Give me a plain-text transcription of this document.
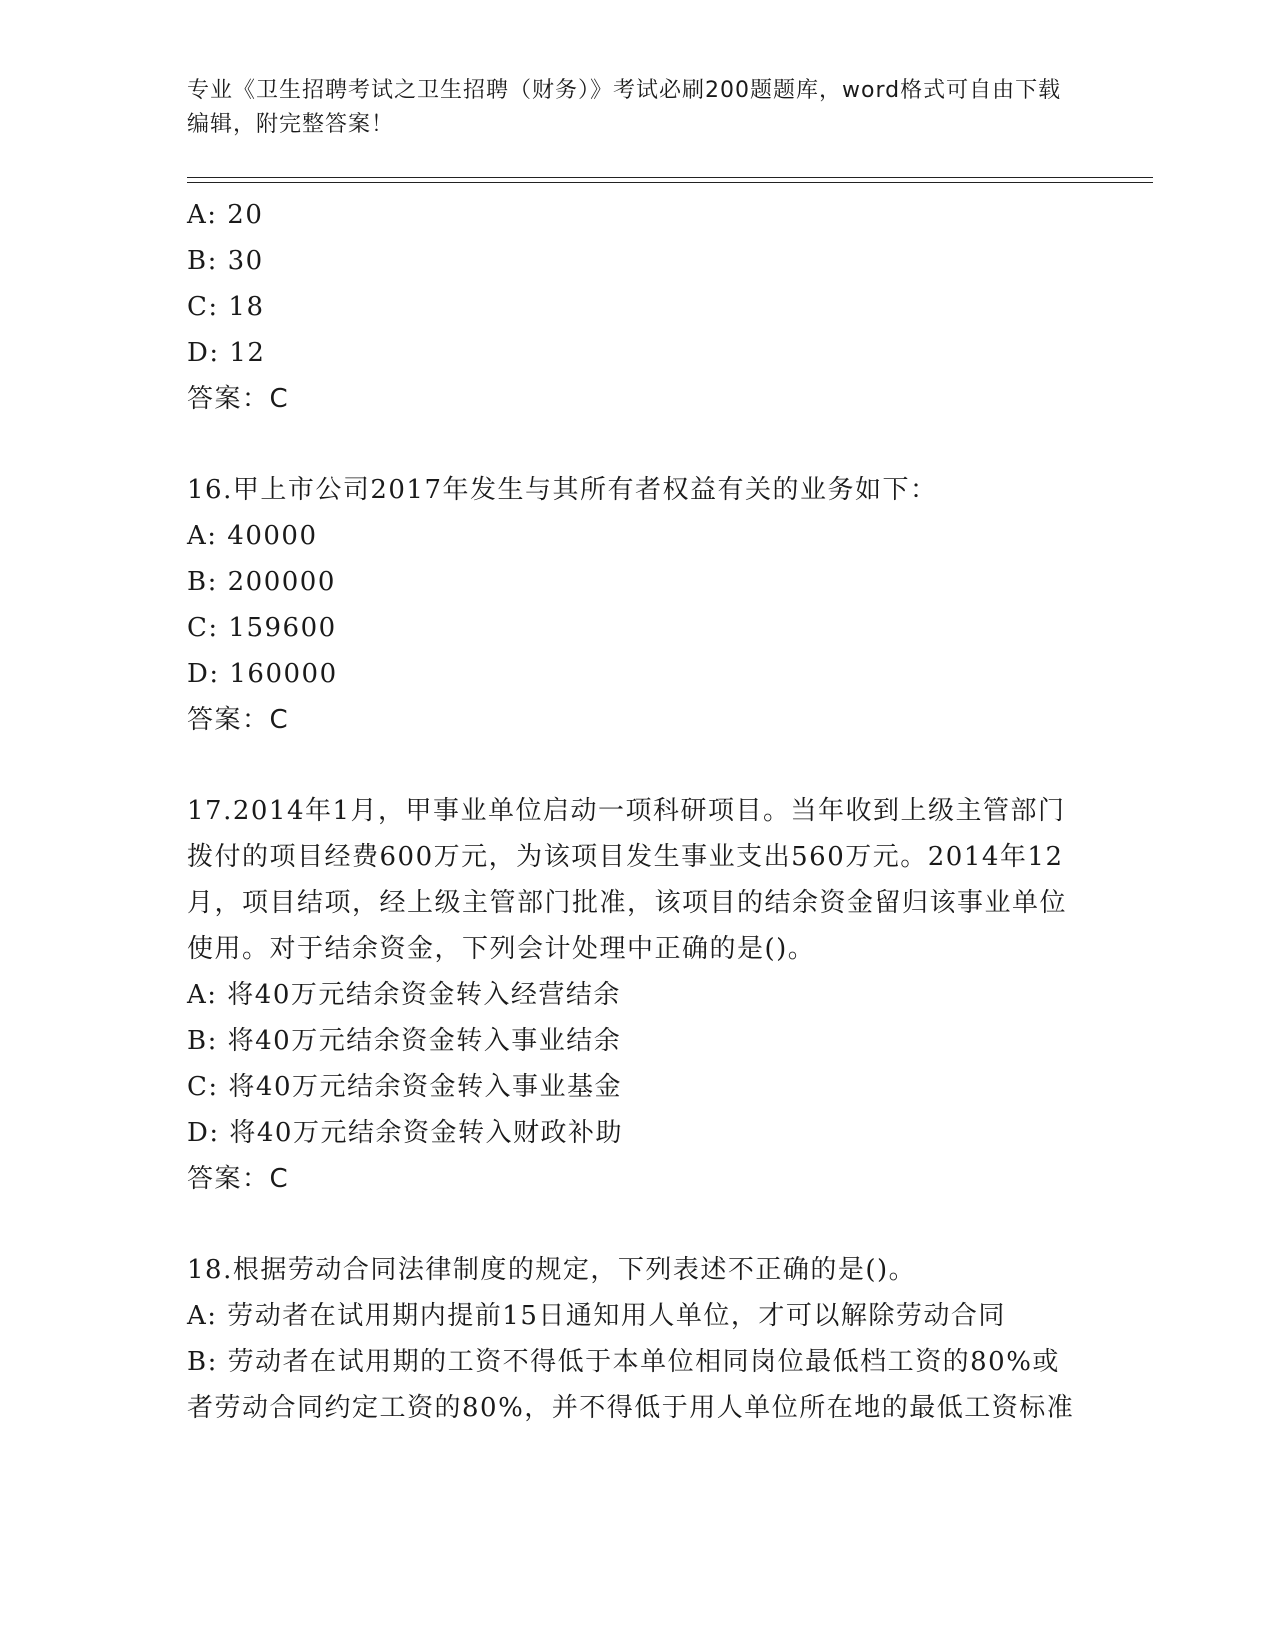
专业《卫生招聘考试之卫生招聘（财务）》考试必刷200题题库，word格式可自由下载编辑，附完整答案！
A: 20
B: 30
C: 18
D: 12
答案：C
16.甲上市公司2017年发生与其所有者权益有关的业务如下：
A: 40000
B: 200000
C: 159600
D: 160000
答案：C
17.2014年1月，甲事业单位启动一项科研项目。当年收到上级主管部门拨付的项目经费600万元，为该项目发生事业支出560万元。2014年12月，项目结项，经上级主管部门批准，该项目的结余资金留归该事业单位使用。对于结余资金，下列会计处理中正确的是()。
A: 将40万元结余资金转入经营结余
B: 将40万元结余资金转入事业结余
C: 将40万元结余资金转入事业基金
D: 将40万元结余资金转入财政补助
答案：C
18.根据劳动合同法律制度的规定，下列表述不正确的是()。
A: 劳动者在试用期内提前15日通知用人单位，才可以解除劳动合同
B: 劳动者在试用期的工资不得低于本单位相同岗位最低档工资的80%或者劳动合同约定工资的80%，并不得低于用人单位所在地的最低工资标准
